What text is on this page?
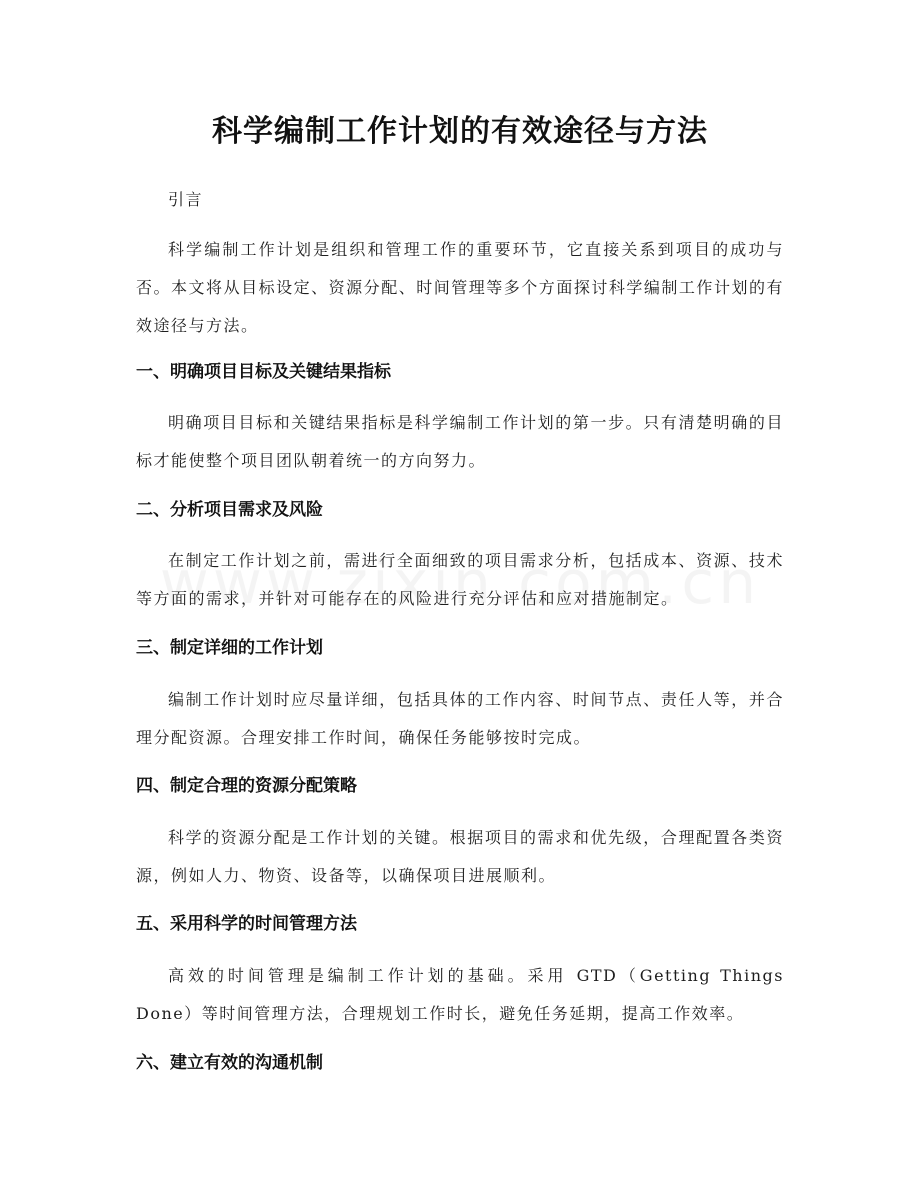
科学编制工作计划的有效途径与方法

引言

科学编制工作计划是组织和管理工作的重要环节，它直接关系到项目的成功与否。本文将从目标设定、资源分配、时间管理等多个方面探讨科学编制工作计划的有效途径与方法。

一、明确项目目标及关键结果指标

明确项目目标和关键结果指标是科学编制工作计划的第一步。只有清楚明确的目标才能使整个项目团队朝着统一的方向努力。

二、分析项目需求及风险

在制定工作计划之前，需进行全面细致的项目需求分析，包括成本、资源、技术等方面的需求，并针对可能存在的风险进行充分评估和应对措施制定。

三、制定详细的工作计划

编制工作计划时应尽量详细，包括具体的工作内容、时间节点、责任人等，并合理分配资源。合理安排工作时间，确保任务能够按时完成。

四、制定合理的资源分配策略

科学的资源分配是工作计划的关键。根据项目的需求和优先级，合理配置各类资源，例如人力、物资、设备等，以确保项目进展顺利。

五、采用科学的时间管理方法

高效的时间管理是编制工作计划的基础。采用 GTD（Getting Things Done）等时间管理方法，合理规划工作时长，避免任务延期，提高工作效率。

六、建立有效的沟通机制
